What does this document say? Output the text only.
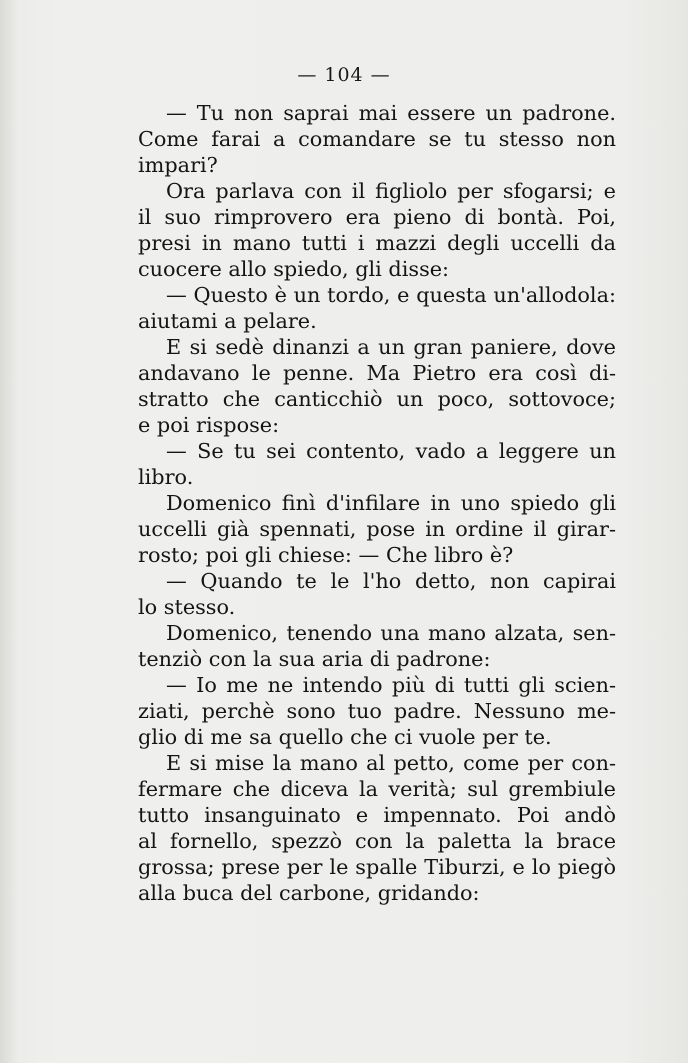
— 104 —
— Tu non saprai mai essere un padrone.
Come farai a comandare se tu stesso non
impari?
Ora parlava con il figliolo per sfogarsi; e
il suo rimprovero era pieno di bontà. Poi,
presi in mano tutti i mazzi degli uccelli da
cuocere allo spiedo, gli disse:
— Questo è un tordo, e questa un'allodola:
aiutami a pelare.
E si sedè dinanzi a un gran paniere, dove
andavano le penne. Ma Pietro era così di-
stratto che canticchiò un poco, sottovoce;
e poi rispose:
— Se tu sei contento, vado a leggere un
libro.
Domenico finì d'infilare in uno spiedo gli
uccelli già spennati, pose in ordine il girar-
rosto; poi gli chiese: — Che libro è?
— Quando te le l'ho detto, non capirai
lo stesso.
Domenico, tenendo una mano alzata, sen-
tenziò con la sua aria di padrone:
— Io me ne intendo più di tutti gli scien-
ziati, perchè sono tuo padre. Nessuno me-
glio di me sa quello che ci vuole per te.
E si mise la mano al petto, come per con-
fermare che diceva la verità; sul grembiule
tutto insanguinato e impennato. Poi andò
al fornello, spezzò con la paletta la brace
grossa; prese per le spalle Tiburzi, e lo piegò
alla buca del carbone, gridando:
